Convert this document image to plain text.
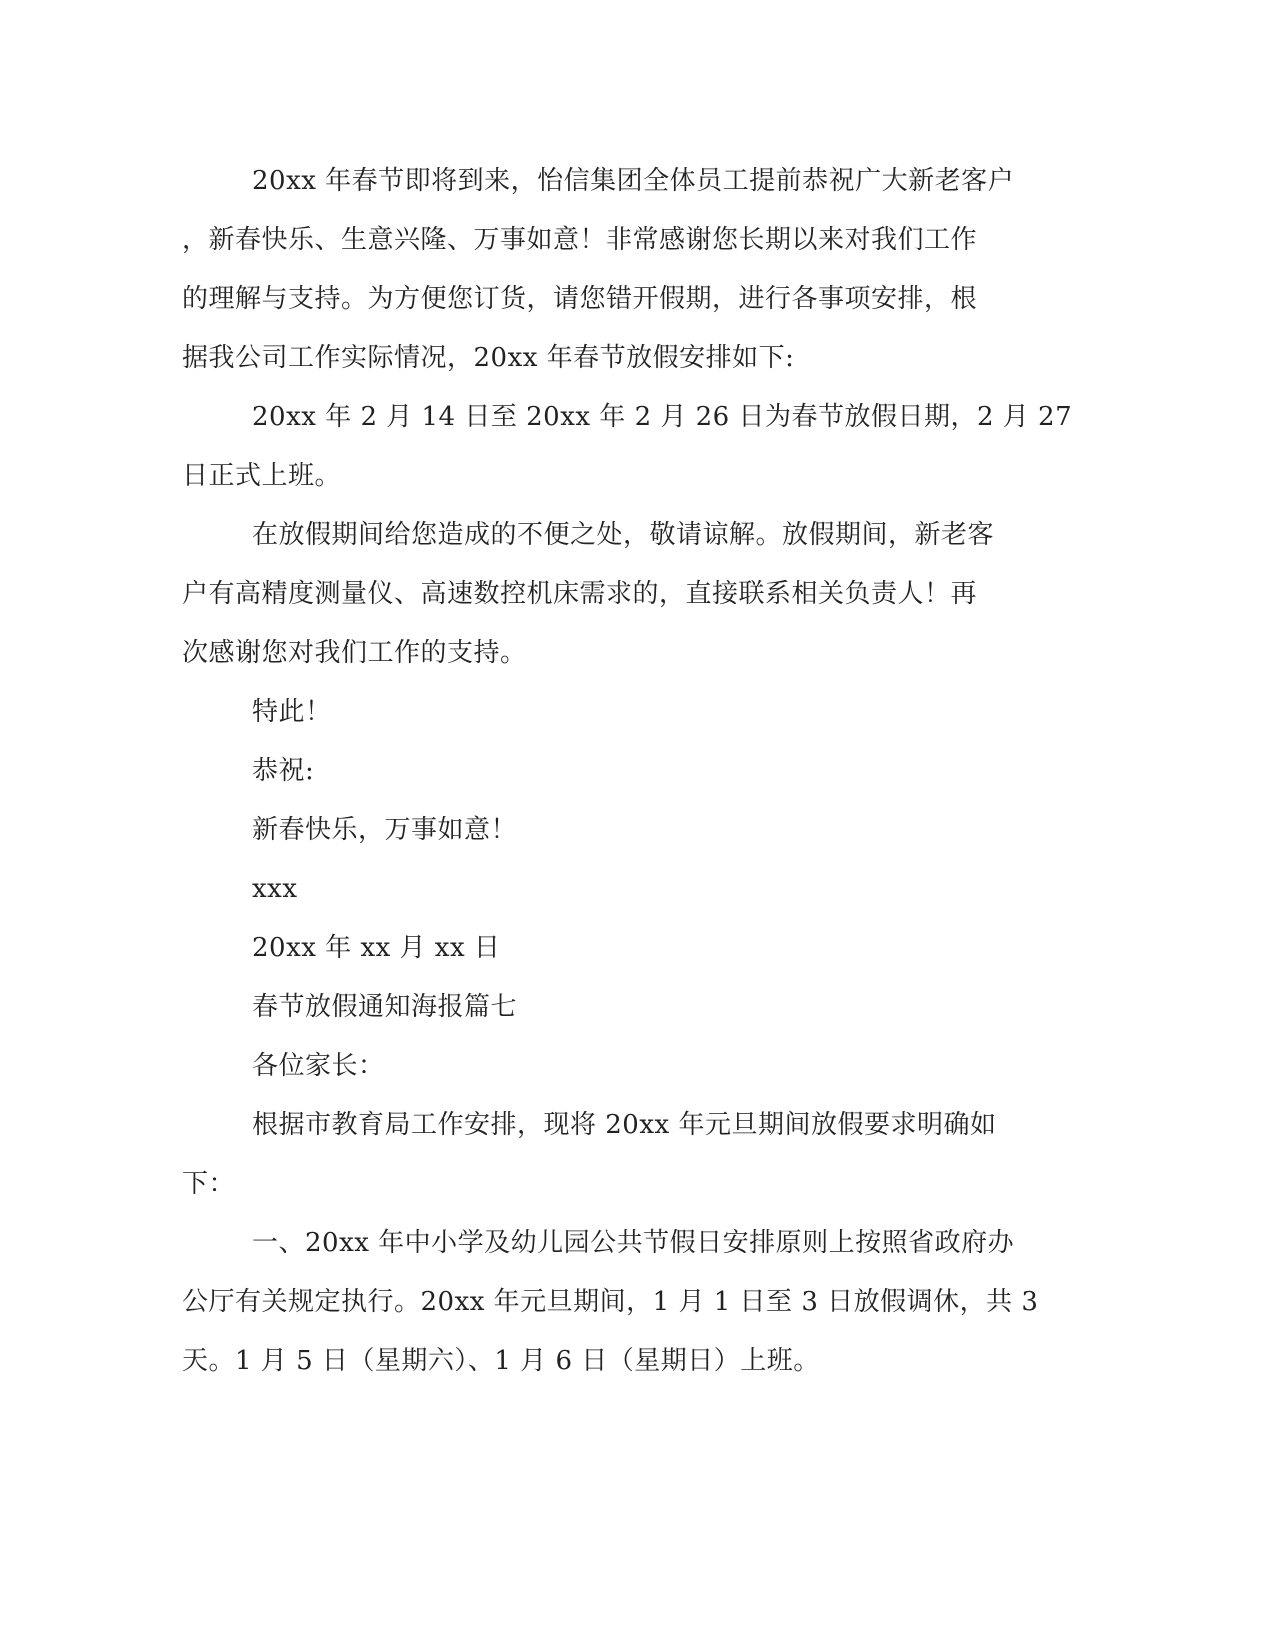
20xx 年春节即将到来，怡信集团全体员工提前恭祝广大新老客户
，新春快乐、生意兴隆、万事如意！非常感谢您长期以来对我们工作
的理解与支持。为方便您订货，请您错开假期，进行各事项安排，根
据我公司工作实际情况，20xx 年春节放假安排如下:
20xx 年 2 月 14 日至 20xx 年 2 月 26 日为春节放假日期，2 月 27
日正式上班。
在放假期间给您造成的不便之处，敬请谅解。放假期间，新老客
户有高精度测量仪、高速数控机床需求的，直接联系相关负责人！再
次感谢您对我们工作的支持。
特此！
恭祝:
新春快乐，万事如意！
xxx
20xx 年 xx 月 xx 日
春节放假通知海报篇七
各位家长：
根据市教育局工作安排，现将 20xx 年元旦期间放假要求明确如
下：
一、20xx 年中小学及幼儿园公共节假日安排原则上按照省政府办
公厅有关规定执行。20xx 年元旦期间，1 月 1 日至 3 日放假调休，共 3
天。1 月 5 日（星期六）、1 月 6 日（星期日）上班。
